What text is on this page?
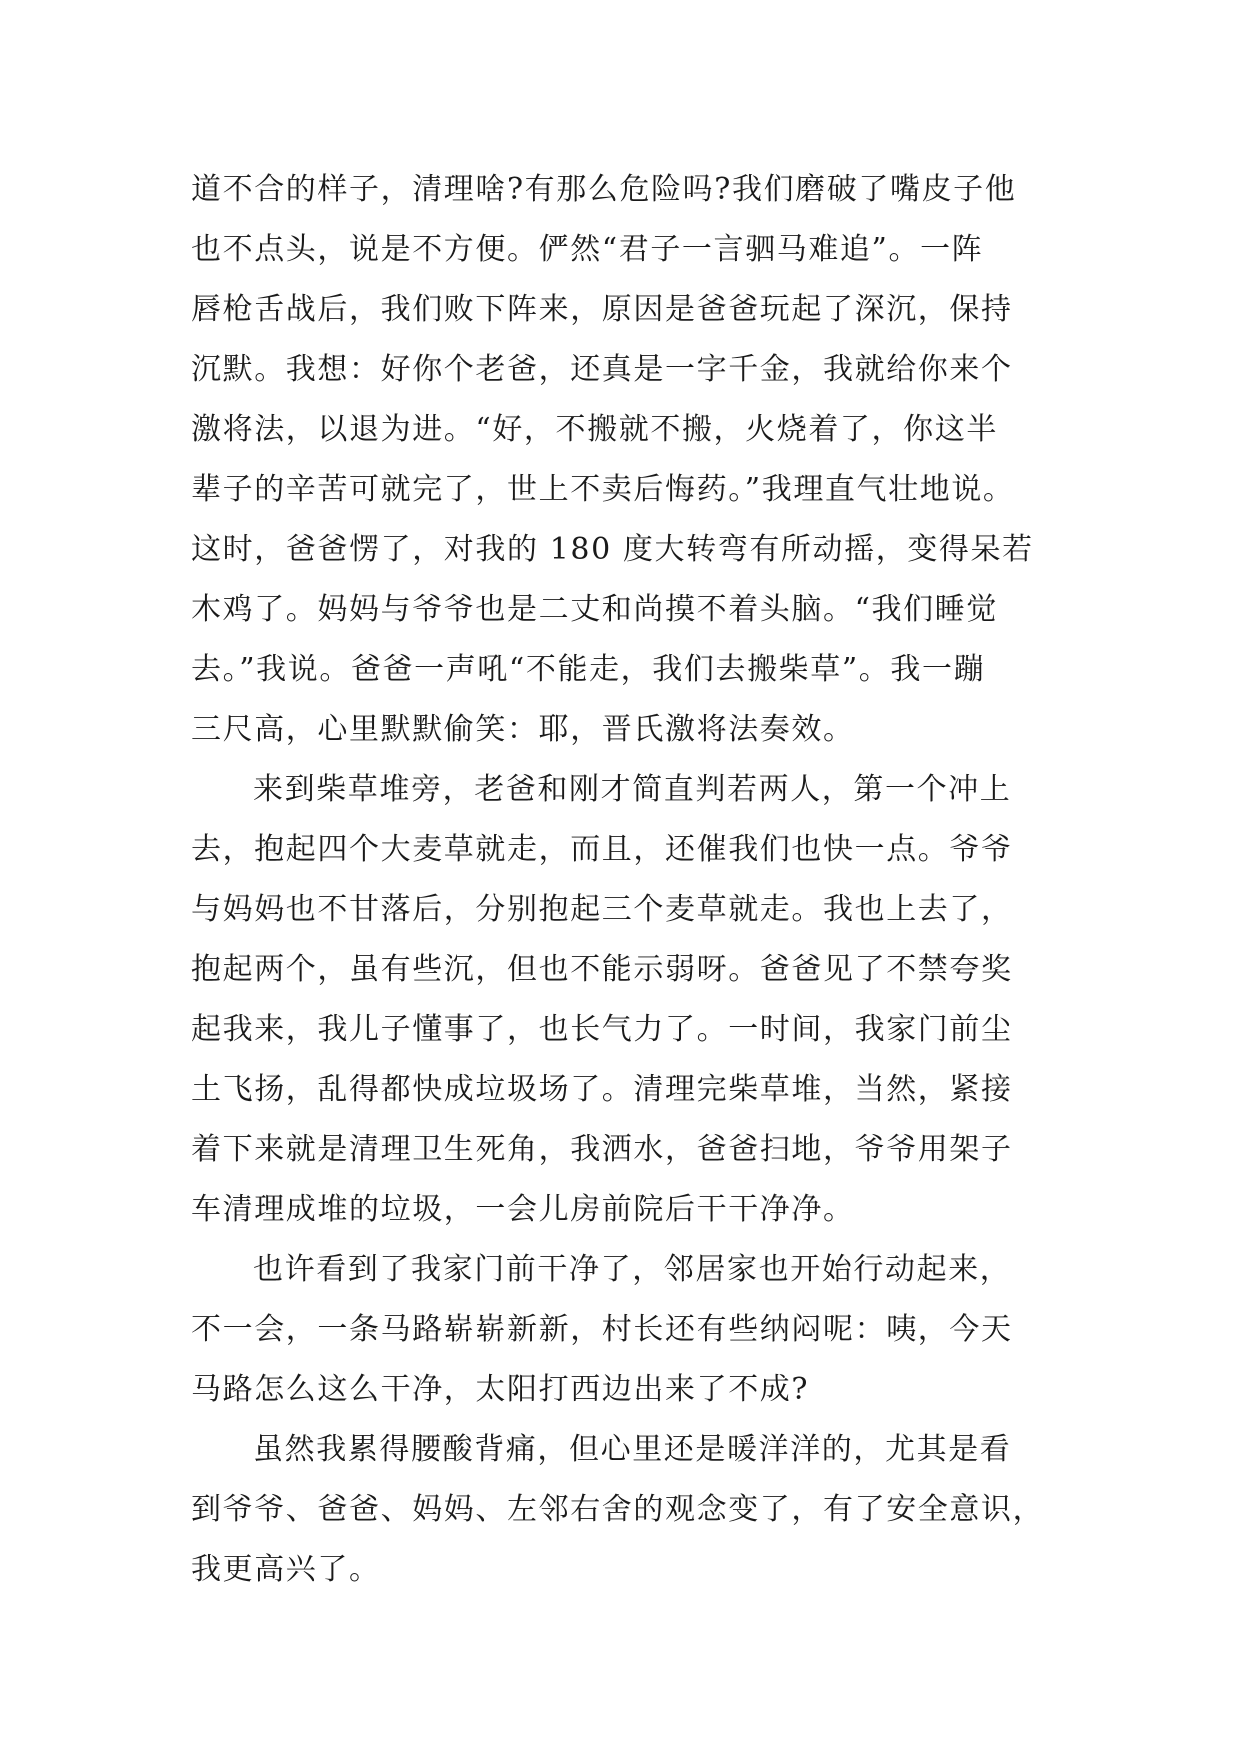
道不合的样子，清理啥?有那么危险吗?我们磨破了嘴皮子他
也不点头，说是不方便。俨然“君子一言驷马难追”。一阵
唇枪舌战后，我们败下阵来，原因是爸爸玩起了深沉，保持
沉默。我想：好你个老爸，还真是一字千金，我就给你来个
激将法，以退为进。“好，不搬就不搬，火烧着了，你这半
辈子的辛苦可就完了，世上不卖后悔药。”我理直气壮地说。
这时，爸爸愣了，对我的 180 度大转弯有所动摇，变得呆若
木鸡了。妈妈与爷爷也是二丈和尚摸不着头脑。“我们睡觉
去。”我说。爸爸一声吼“不能走，我们去搬柴草”。我一蹦
三尺高，心里默默偷笑：耶，晋氏激将法奏效。
来到柴草堆旁，老爸和刚才简直判若两人，第一个冲上
去，抱起四个大麦草就走，而且，还催我们也快一点。爷爷
与妈妈也不甘落后，分别抱起三个麦草就走。我也上去了，
抱起两个，虽有些沉，但也不能示弱呀。爸爸见了不禁夸奖
起我来，我儿子懂事了，也长气力了。一时间，我家门前尘
土飞扬，乱得都快成垃圾场了。清理完柴草堆，当然，紧接
着下来就是清理卫生死角，我洒水，爸爸扫地，爷爷用架子
车清理成堆的垃圾，一会儿房前院后干干净净。
也许看到了我家门前干净了，邻居家也开始行动起来，
不一会，一条马路崭崭新新，村长还有些纳闷呢：咦，今天
马路怎么这么干净，太阳打西边出来了不成?
虽然我累得腰酸背痛，但心里还是暖洋洋的，尤其是看
到爷爷、爸爸、妈妈、左邻右舍的观念变了，有了安全意识，
我更高兴了。
